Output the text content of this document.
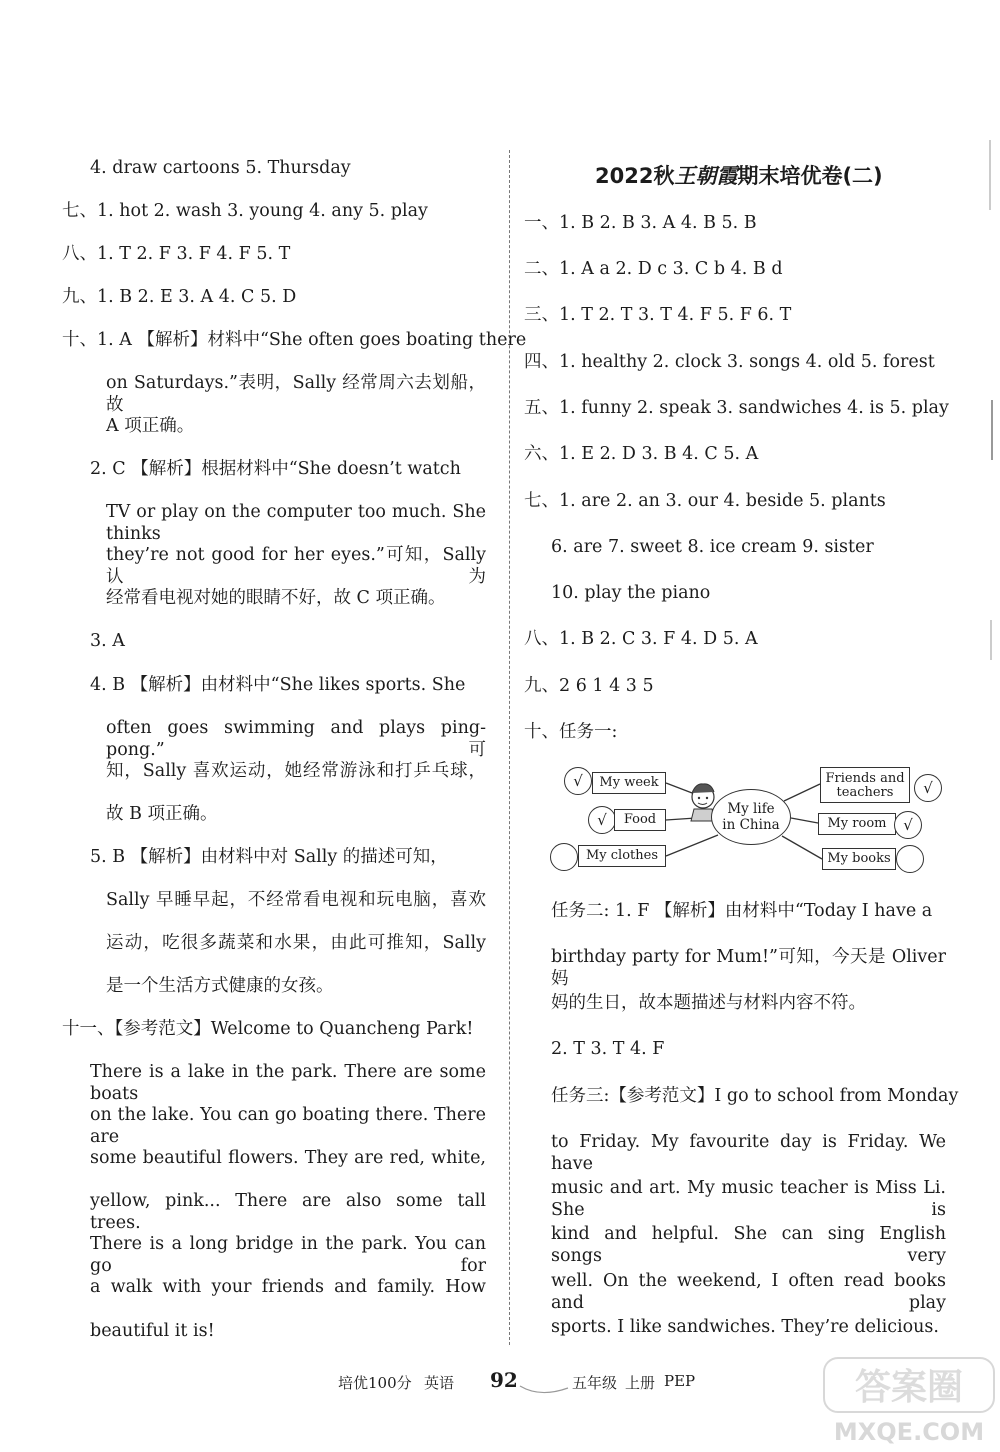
4. draw cartoons 5. Thursday
七、1. hot 2. wash 3. young 4. any 5. play
八、1. T 2. F 3. F 4. F 5. T
九、1. B 2. E 3. A 4. C 5. D
十、1. A 【解析】材料中“She often goes boating there
on Saturdays.”表明，Sally 经常周六去划船，故
A 项正确。
2. C 【解析】根据材料中“She doesn’t watch
TV or play on the computer too much. She thinks
they’re not good for her eyes.”可知，Sally 认为
经常看电视对她的眼睛不好，故 C 项正确。
3. A
4. B 【解析】由材料中“She likes sports. She
often goes swimming and plays ping-pong.”可
知，Sally 喜欢运动，她经常游泳和打乒乓球，
故 B 项正确。
5. B 【解析】由材料中对 Sally 的描述可知，
Sally 早睡早起，不经常看电视和玩电脑，喜欢
运动，吃很多蔬菜和水果，由此可推知，Sally
是一个生活方式健康的女孩。
十一、【参考范文】Welcome to Quancheng Park!
There is a lake in the park. There are some boats
on the lake. You can go boating there. There are
some beautiful flowers. They are red, white,
yellow, pink... There are also some tall trees.
There is a long bridge in the park. You can go for
a walk with your friends and family. How
beautiful it is!
2022秋王朝霞期末培优卷(二)
一、1. B 2. B 3. A 4. B 5. B
二、1. A a 2. D c 3. C b 4. B d
三、1. T 2. T 3. T 4. F 5. F 6. T
四、1. healthy 2. clock 3. songs 4. old 5. forest
五、1. funny 2. speak 3. sandwiches 4. is 5. play
六、1. E 2. D 3. B 4. C 5. A
七、1. are 2. an 3. our 4. beside 5. plants
6. are 7. sweet 8. ice cream 9. sister
10. play the piano
八、1. B 2. C 3. F 4. D 5. A
九、2 6 1 4 3 5
十、任务一:
任务二: 1. F 【解析】由材料中“Today I have a
birthday party for Mum!”可知，今天是 Oliver 妈
妈的生日，故本题描述与材料内容不符。
2. T 3. T 4. F
任务三:【参考范文】I go to school from Monday
to Friday. My favourite day is Friday. We have
music and art. My music teacher is Miss Li. She is
kind and helpful. She can sing English songs very
well. On the weekend, I often read books and play
sports. I like sandwiches. They’re delicious.
√	My week
√	Food
My clothes
My life
in China
Friends and teachers	√
My room	√
My books
培优100分 英语 92	五年级 上册 PEP	答案圈
MXQE.COM
